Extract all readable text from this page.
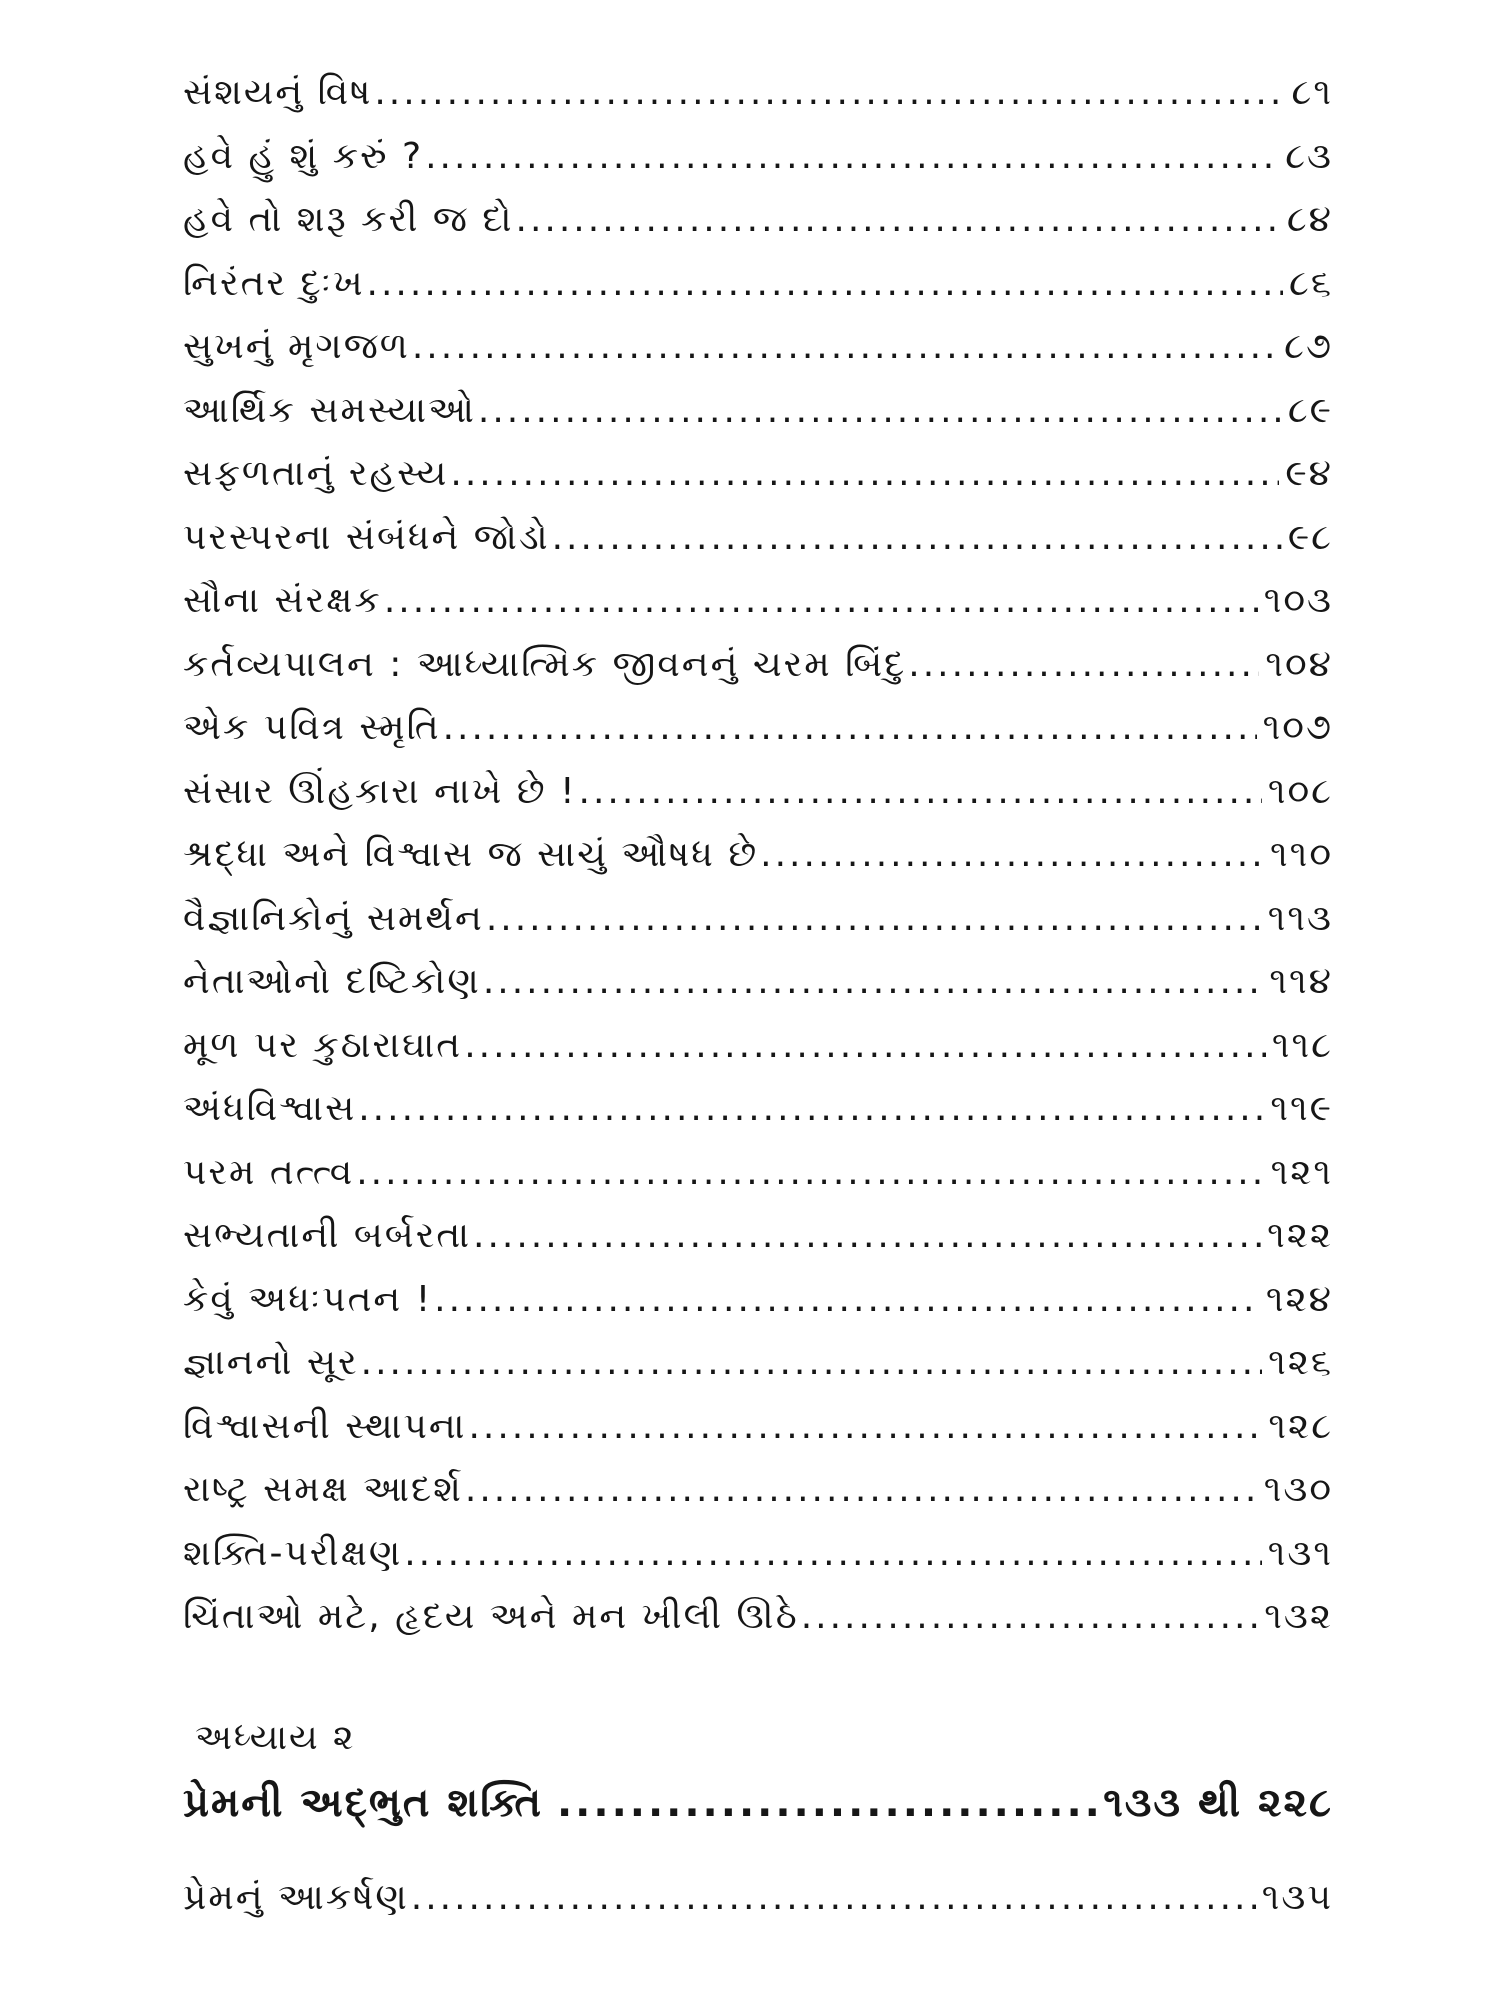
સંશયનું વિષ .....	૮૧
હવે હું શું કરું ? .....	૮૩
હવે તો શરૂ કરી જ દો .....	૮૪
નિરંતર દુઃખ .....	૮૬
સુખનું મૃગજળ .....	૮૭
આર્થિક સમસ્યાઓ .....	૮૯
સફળતાનું રહસ્ય .....	૯૪
પરસ્પરના સંબંધને જોડો .....	૯૮
સૌના સંરક્ષક .....	૧૦૩
કર્તવ્યપાલન : આધ્યાત્મિક જીવનનું ચરમ બિંદુ .....	૧૦૪
એક પવિત્ર સ્મૃતિ .....	૧૦૭
સંસાર ઊંહકારા નાખે છે ! .....	૧૦૮
શ્રદ્ધા અને વિશ્વાસ જ સાચું ઔષધ છે .....	૧૧૦
વૈજ્ઞાનિકોનું સમર્થન .....	૧૧૩
નેતાઓનો દષ્ટિકોણ .....	૧૧૪
મૂળ પર કુઠારાઘાત .....	૧૧૮
અંધવિશ્વાસ .....	૧૧૯
પરમ તત્ત્વ .....	૧૨૧
સભ્યતાની બર્બરતા .....	૧૨૨
કેવું અધઃપતન ! .....	૧૨૪
જ્ઞાનનો સૂર .....	૧૨૬
વિશ્વાસની સ્થાપના .....	૧૨૮
રાષ્ટ્ર સમક્ષ આદર્શ .....	૧૩૦
શક્તિ-પરીક્ષણ .....	૧૩૧
ચિંતાઓ મટે, હૃદય અને મન ખીલી ઊઠે .....	૧૩૨
અધ્યાય ૨
પ્રેમની અદ્‌ભુત શક્તિ .....	૧૩૩ થી ૨૨૮
પ્રેમનું આકર્ષણ .....	૧૩૫
